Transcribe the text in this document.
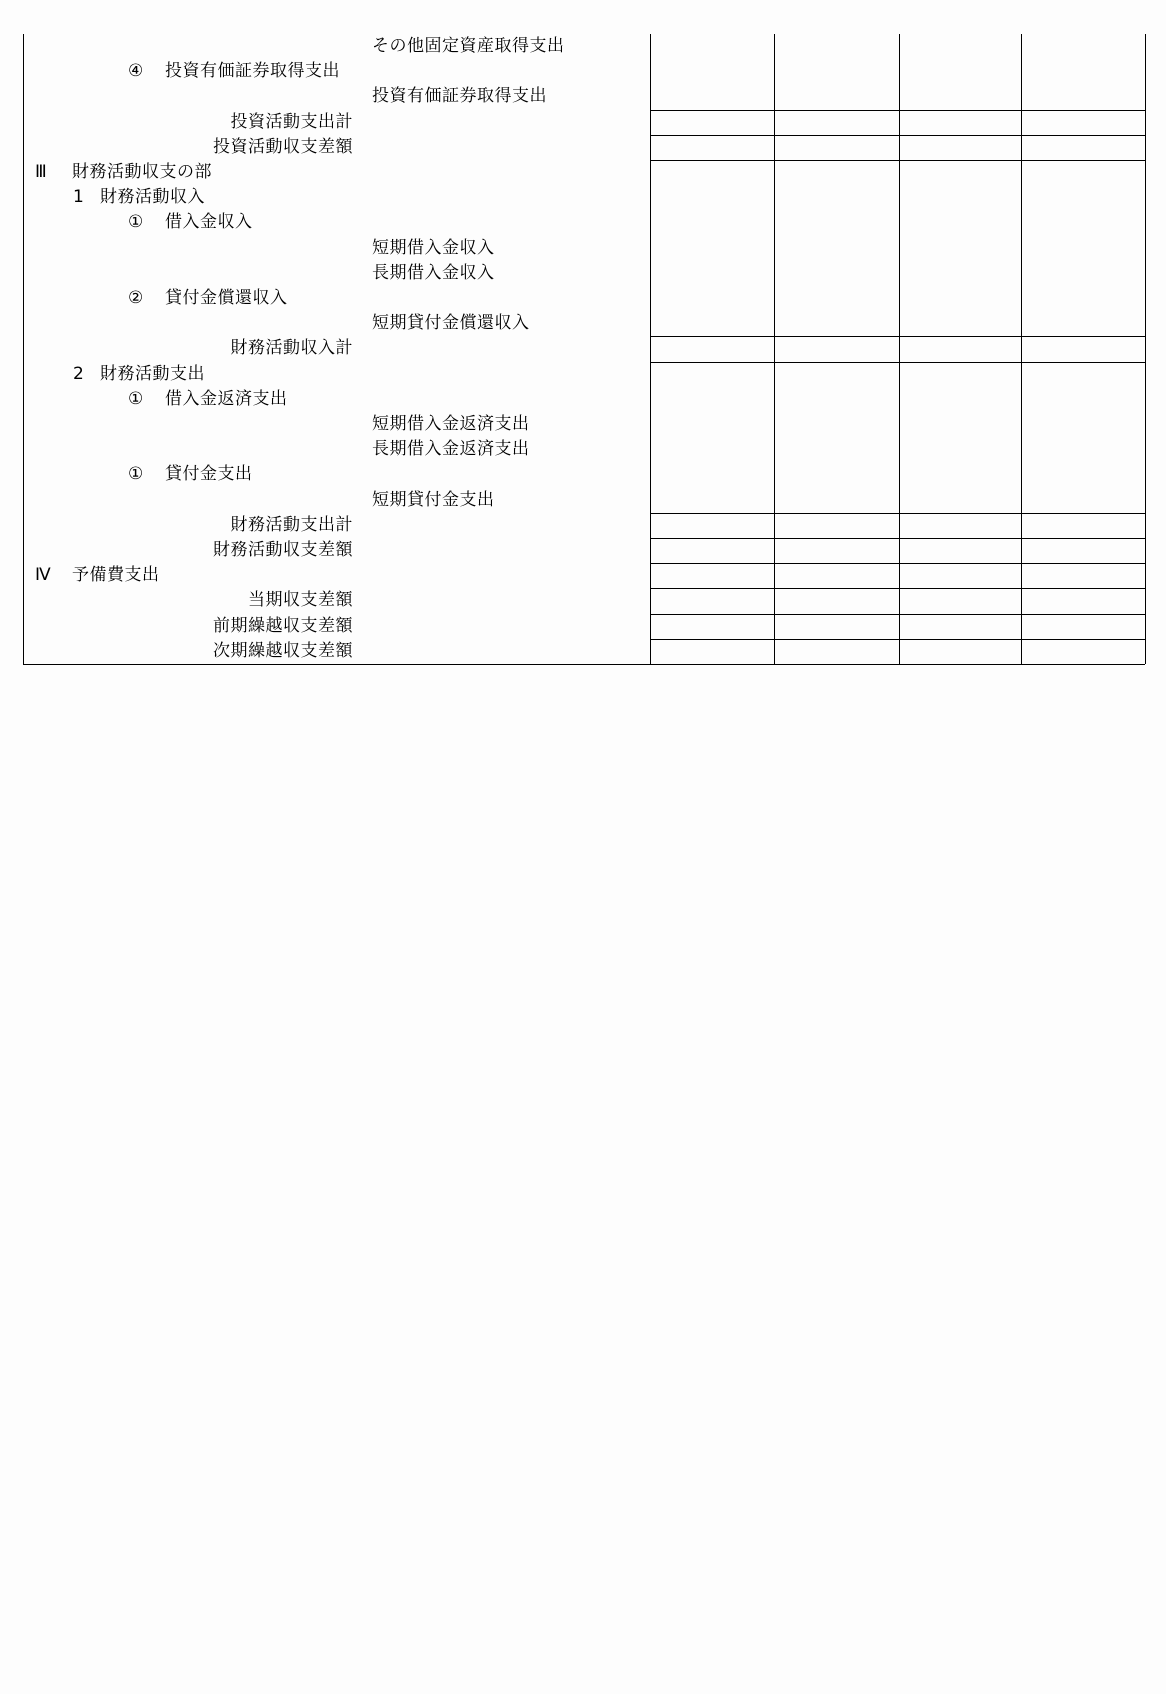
その他固定資産取得支出
④ 投資有価証券取得支出
投資有価証券取得支出
投資活動支出計
投資活動収支差額
Ⅲ 財務活動収支の部
1 財務活動収入
① 借入金収入
短期借入金収入
長期借入金収入
② 貸付金償還収入
短期貸付金償還収入
財務活動収入計
2 財務活動支出
① 借入金返済支出
短期借入金返済支出
長期借入金返済支出
① 貸付金支出
短期貸付金支出
財務活動支出計
財務活動収支差額
Ⅳ 予備費支出
当期収支差額
前期繰越収支差額
次期繰越収支差額
